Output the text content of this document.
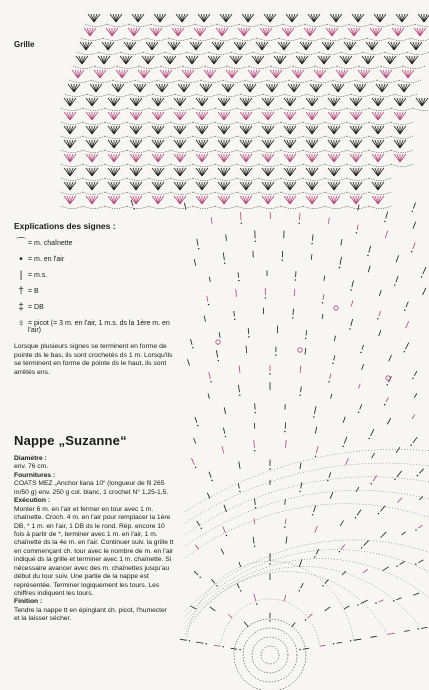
Grille
Explications des signes :
⌒ = m. chaînette
• = m. en l'air
| = m.s.
† = B
‡ = DB
♀ = picot (= 3 m. en l'air, 1 m.s. ds la 1ère m. en l'air)
Lorsque plusieurs signes se terminent en forme de pointe ds le bas, ils sont crochetés ds 1 m. Lorsqu'ils se terminent en forme de pointe ds le haut, ils sont arrêtés ens.
Nappe „Suzanne“

Diamètre :

env. 76 cm.

Fournitures :

COATS MEZ „Anchor liana 10“ (longueur de fil 265 m/50 g) env. 250 g col. blanc, 1 crochet N° 1,25-1,5.

Exécution :

Monter 6 m. en l'air et fermer en tour avec 1 m. chaînette. Croch. 4 m. en l'air pour remplacer la 1ère DB, * 1 m. en l'air, 1 DB ds le rond. Rép. encore 10 fois à partir de *, terminer avec 1 m. en l'air, 1 m. chaînette ds la 4e m. en l'air. Continuer suiv. la grille tt en commençant ch. tour avec le nombre de m. en l'air indiqué ds la grille et terminer avec 1 m. chaînette. Si nécessaire avancer avec des m. chaînettes jusqu'au début du tour suiv. Une partie de la nappe est représentée. Terminer logiquement les tours. Les chiffres indiquent les tours.

Finition :

Tendre la nappe tt en épinglant ch. picot, l'humecter et la laisser sécher.
